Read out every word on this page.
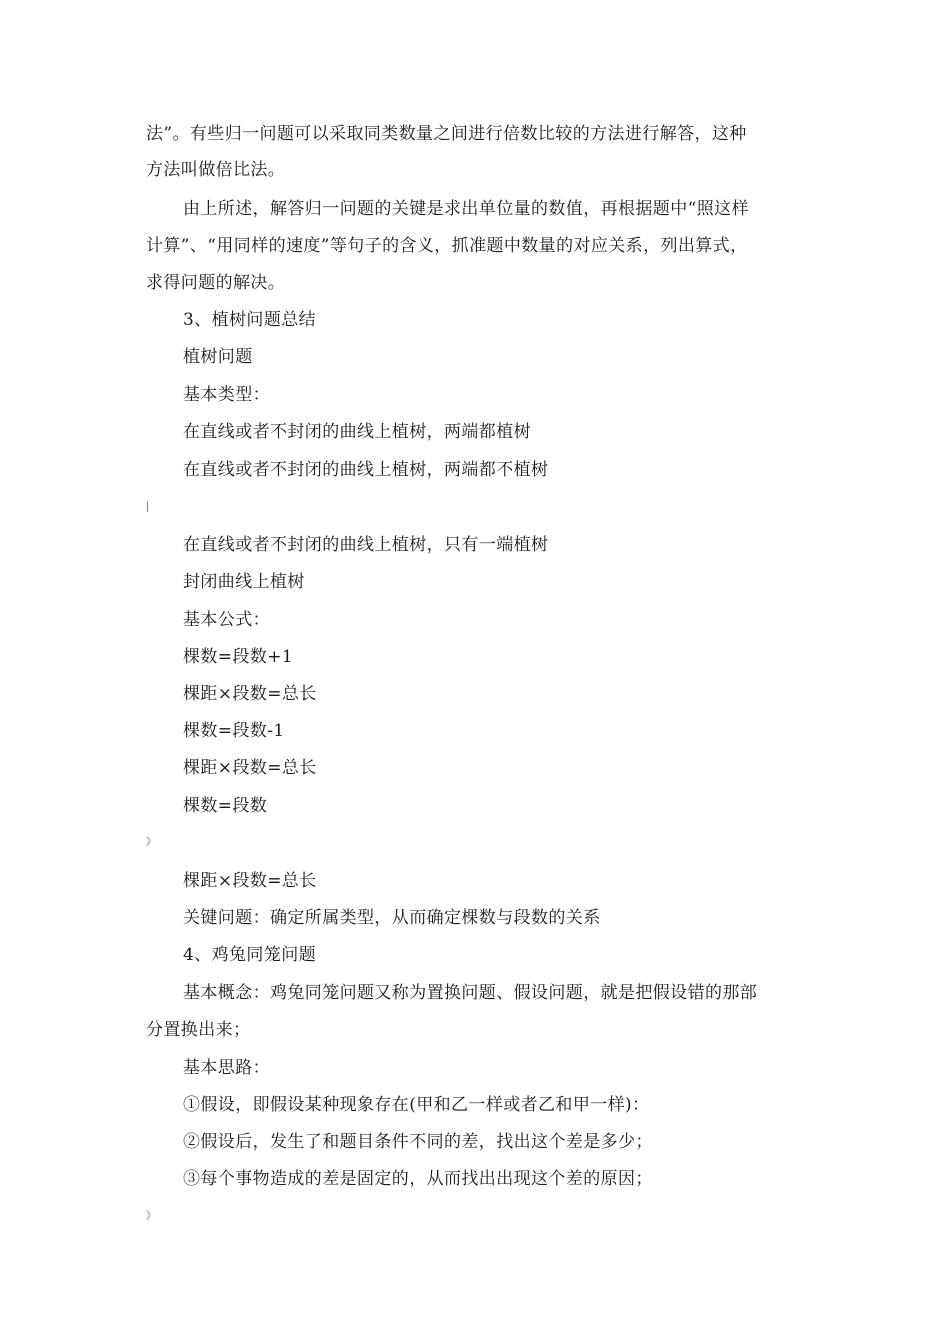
法”。有些归一问题可以采取同类数量之间进行倍数比较的方法进行解答，这种
方法叫做倍比法。
由上所述，解答归一问题的关键是求出单位量的数值，再根据题中“照这样
计算”、“用同样的速度”等句子的含义，抓准题中数量的对应关系，列出算式，
求得问题的解决。
3、植树问题总结
植树问题
基本类型：
在直线或者不封闭的曲线上植树，两端都植树
在直线或者不封闭的曲线上植树，两端都不植树
|
在直线或者不封闭的曲线上植树，只有一端植树
封闭曲线上植树
基本公式：
棵数=段数+1
棵距×段数=总长
棵数=段数-1
棵距×段数=总长
棵数=段数
》
棵距×段数=总长
关键问题：确定所属类型，从而确定棵数与段数的关系
4、鸡兔同笼问题
基本概念：鸡兔同笼问题又称为置换问题、假设问题，就是把假设错的那部
分置换出来；
基本思路：
①假设，即假设某种现象存在(甲和乙一样或者乙和甲一样)：
②假设后，发生了和题目条件不同的差，找出这个差是多少；
③每个事物造成的差是固定的，从而找出出现这个差的原因；
》
